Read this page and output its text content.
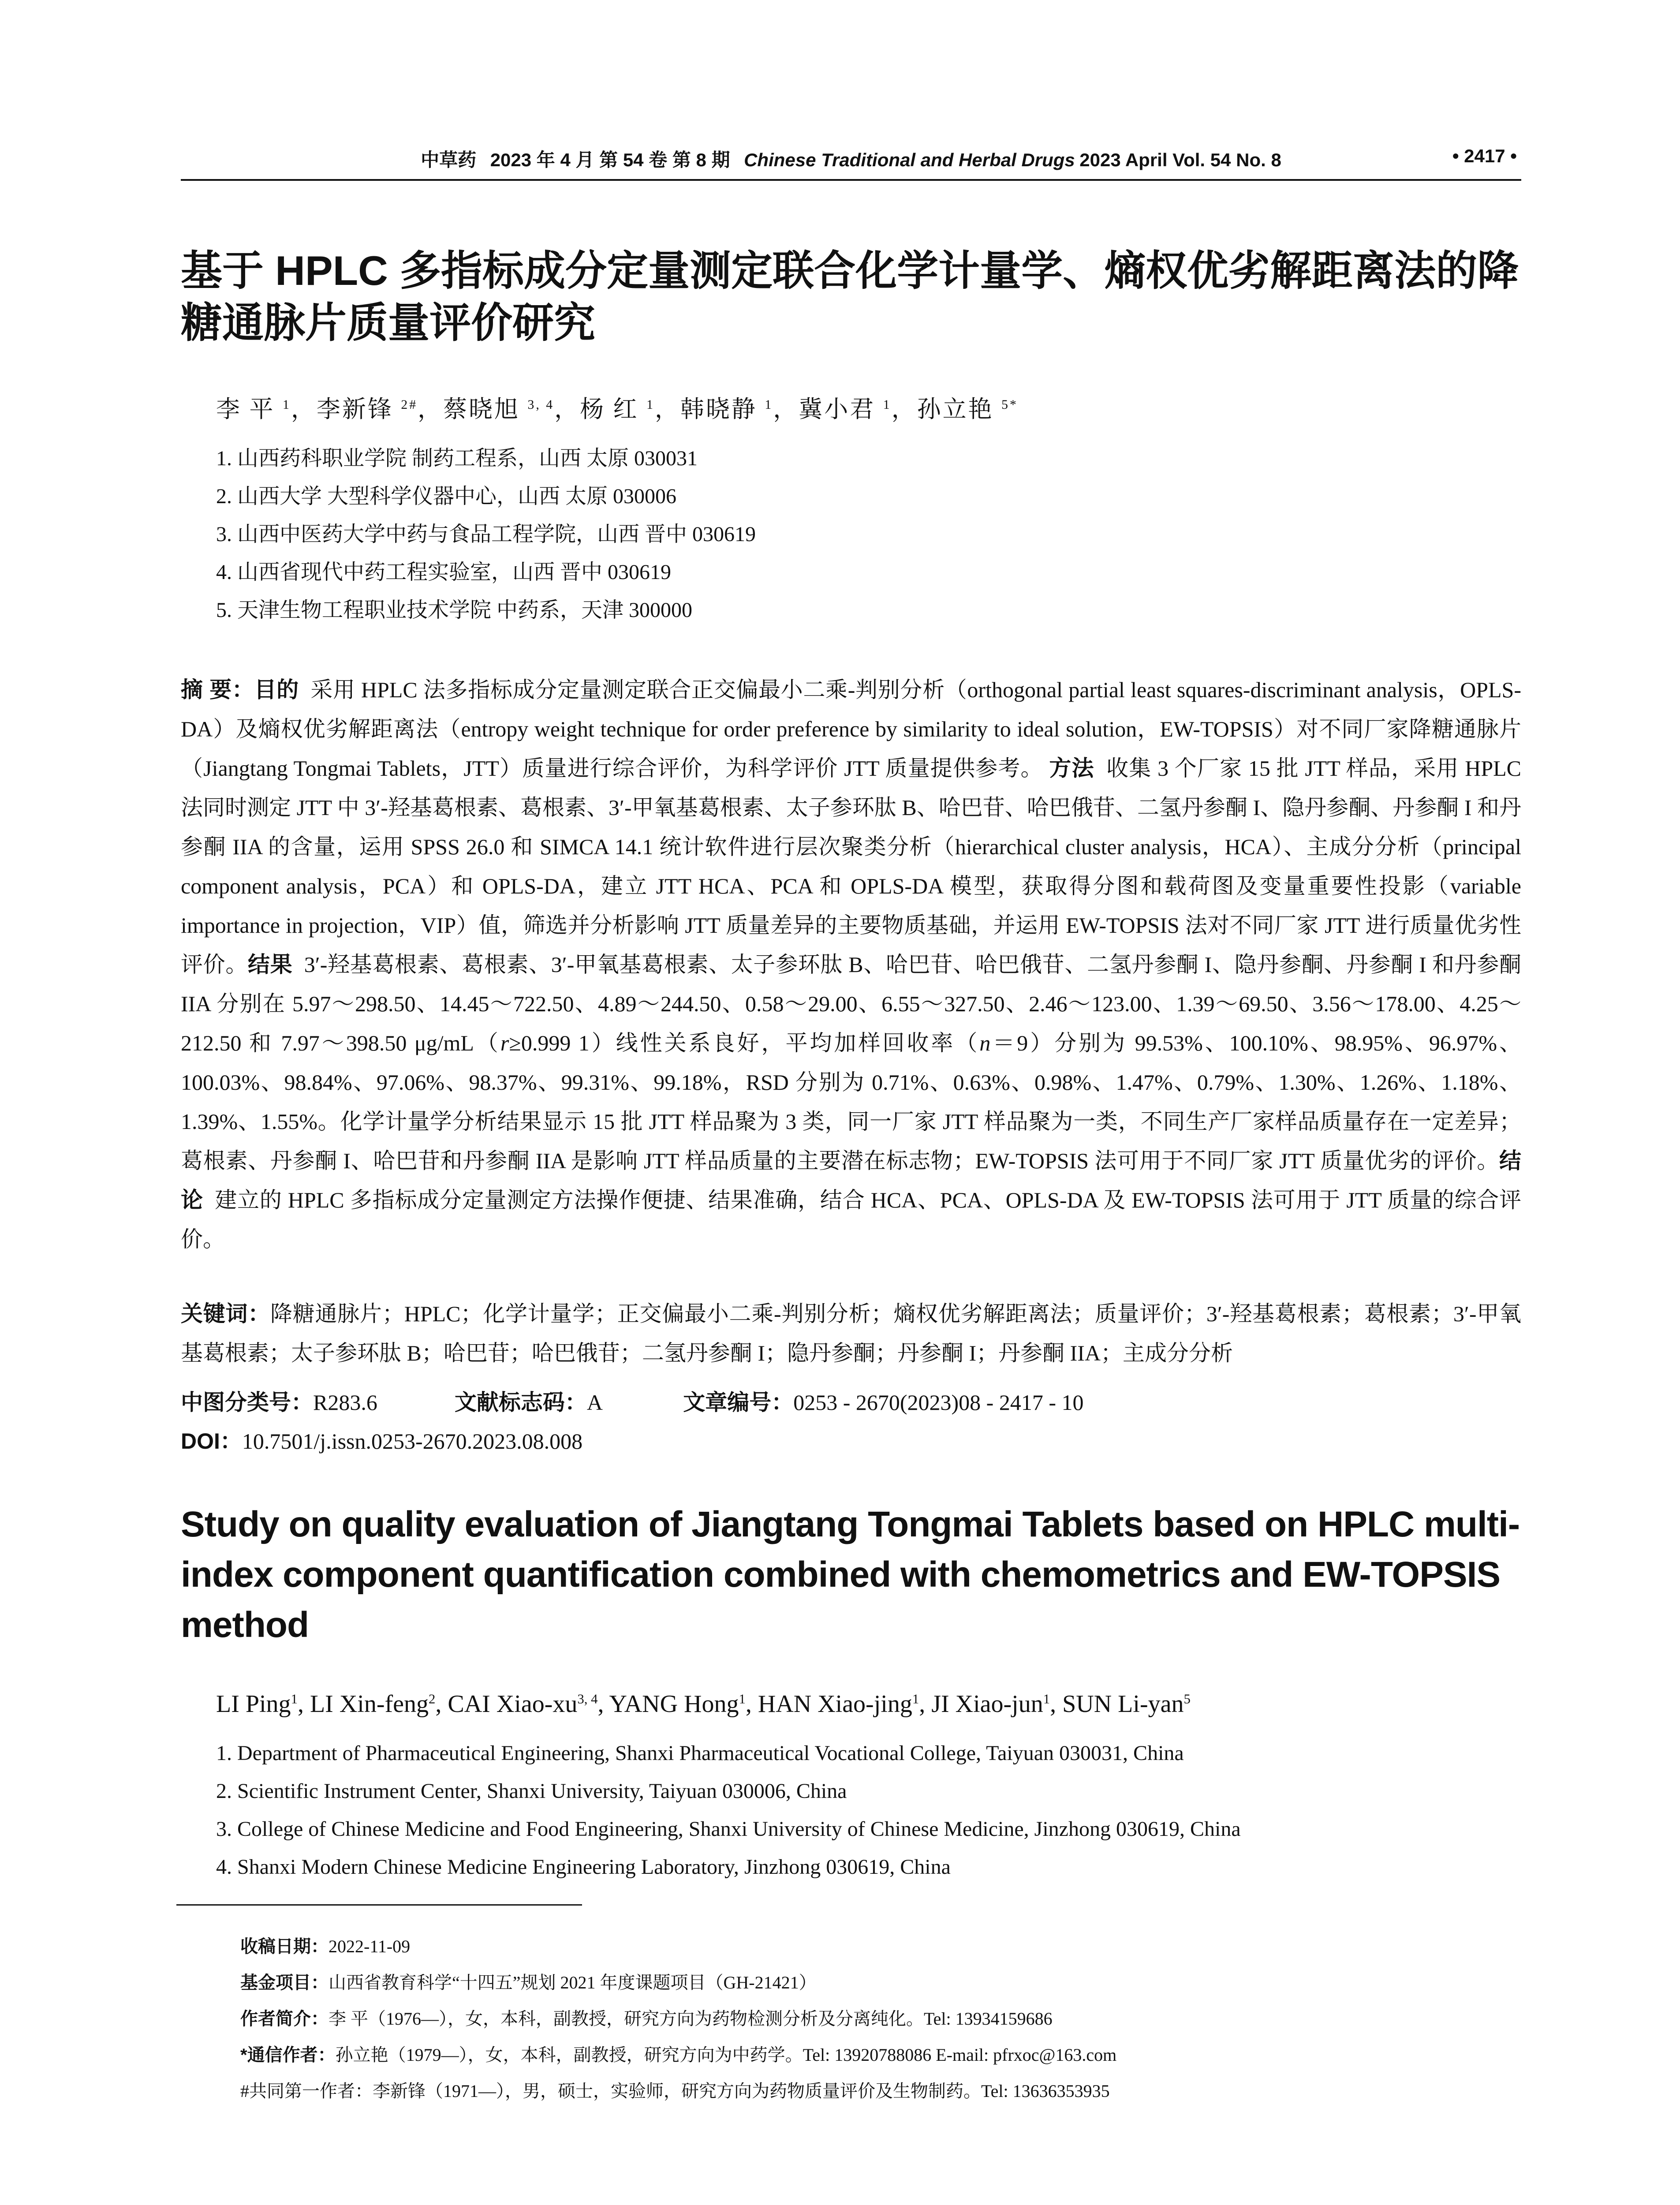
中草药 2023 年 4 月 第 54 卷 第 8 期 Chinese Traditional and Herbal Drugs 2023 April Vol. 54 No. 8	• 2417 •
基于 HPLC 多指标成分定量测定联合化学计量学、熵权优劣解距离法的降糖通脉片质量评价研究
李 平 $^1$，李新锋 $^{2\#}$，蔡晓旭 $^{3, 4}$，杨 红 $^1$，韩晓静 $^1$，冀小君 $^1$，孙立艳 $^{5*}$
1. 山西药科职业学院 制药工程系，山西 太原 030031
2. 山西大学 大型科学仪器中心，山西 太原 030006
3. 山西中医药大学中药与食品工程学院，山西 晋中 030619
4. 山西省现代中药工程实验室，山西 晋中 030619
5. 天津生物工程职业技术学院 中药系，天津 300000
摘 要：目的 采用 HPLC 法多指标成分定量测定联合正交偏最小二乘-判别分析（orthogonal partial least squares-discriminant analysis，OPLS-DA）及熵权优劣解距离法（entropy weight technique for order preference by similarity to ideal solution，EW-TOPSIS）对不同厂家降糖通脉片（Jiangtang Tongmai Tablets，JTT）质量进行综合评价，为科学评价 JTT 质量提供参考。 方法 收集 3 个厂家 15 批 JTT 样品，采用 HPLC 法同时测定 JTT 中 3′-羟基葛根素、葛根素、3′-甲氧基葛根素、太子参环肽 B、哈巴苷、哈巴俄苷、二氢丹参酮 I、隐丹参酮、丹参酮 I 和丹参酮 IIA 的含量，运用 SPSS 26.0 和 SIMCA 14.1 统计软件进行层次聚类分析（hierarchical cluster analysis，HCA）、主成分分析（principal component analysis，PCA）和 OPLS-DA，建立 JTT HCA、PCA 和 OPLS-DA 模型，获取得分图和载荷图及变量重要性投影（variable importance in projection，VIP）值，筛选并分析影响 JTT 质量差异的主要物质基础，并运用 EW-TOPSIS 法对不同厂家 JTT 进行质量优劣性评价。结果 3′-羟基葛根素、葛根素、3′-甲氧基葛根素、太子参环肽 B、哈巴苷、哈巴俄苷、二氢丹参酮 I、隐丹参酮、丹参酮 I 和丹参酮 IIA 分别在 5.97～298.50、14.45～722.50、4.89～244.50、0.58～29.00、6.55～327.50、2.46～123.00、1.39～69.50、3.56～178.00、4.25～212.50 和 7.97～398.50 μg/mL（r≥0.999 1）线性关系良好，平均加样回收率（n＝9）分别为 99.53%、100.10%、98.95%、96.97%、100.03%、98.84%、97.06%、98.37%、99.31%、99.18%，RSD 分别为 0.71%、0.63%、0.98%、1.47%、0.79%、1.30%、1.26%、1.18%、1.39%、1.55%。化学计量学分析结果显示 15 批 JTT 样品聚为 3 类，同一厂家 JTT 样品聚为一类，不同生产厂家样品质量存在一定差异；葛根素、丹参酮 I、哈巴苷和丹参酮 IIA 是影响 JTT 样品质量的主要潜在标志物；EW-TOPSIS 法可用于不同厂家 JTT 质量优劣的评价。结论 建立的 HPLC 多指标成分定量测定方法操作便捷、结果准确，结合 HCA、PCA、OPLS-DA 及 EW-TOPSIS 法可用于 JTT 质量的综合评价。
关键词：降糖通脉片；HPLC；化学计量学；正交偏最小二乘-判别分析；熵权优劣解距离法；质量评价；3′-羟基葛根素；葛根素；3′-甲氧基葛根素；太子参环肽 B；哈巴苷；哈巴俄苷；二氢丹参酮 I；隐丹参酮；丹参酮 I；丹参酮 IIA；主成分分析
中图分类号：R283.6	文献标志码：A	文章编号：0253 - 2670(2023)08 - 2417 - 10
DOI：10.7501/j.issn.0253-2670.2023.08.008
Study on quality evaluation of Jiangtang Tongmai Tablets based on HPLC multi-index component quantification combined with chemometrics and EW-TOPSIS method
LI Ping$^1$, LI Xin-feng$^2$, CAI Xiao-xu$^{3, 4}$, YANG Hong$^1$, HAN Xiao-jing$^1$, JI Xiao-jun$^1$, SUN Li-yan$^5$
1. Department of Pharmaceutical Engineering, Shanxi Pharmaceutical Vocational College, Taiyuan 030031, China
2. Scientific Instrument Center, Shanxi University, Taiyuan 030006, China
3. College of Chinese Medicine and Food Engineering, Shanxi University of Chinese Medicine, Jinzhong 030619, China
4. Shanxi Modern Chinese Medicine Engineering Laboratory, Jinzhong 030619, China
收稿日期：2022-11-09
基金项目：山西省教育科学“十四五”规划 2021 年度课题项目（GH-21421）
作者简介：李 平（1976—），女，本科，副教授，研究方向为药物检测分析及分离纯化。Tel: 13934159686
*通信作者：孙立艳（1979—），女，本科，副教授，研究方向为中药学。Tel: 13920788086 E-mail: pfrxoc@163.com
#共同第一作者：李新锋（1971—），男，硕士，实验师，研究方向为药物质量评价及生物制药。Tel: 13636353935
